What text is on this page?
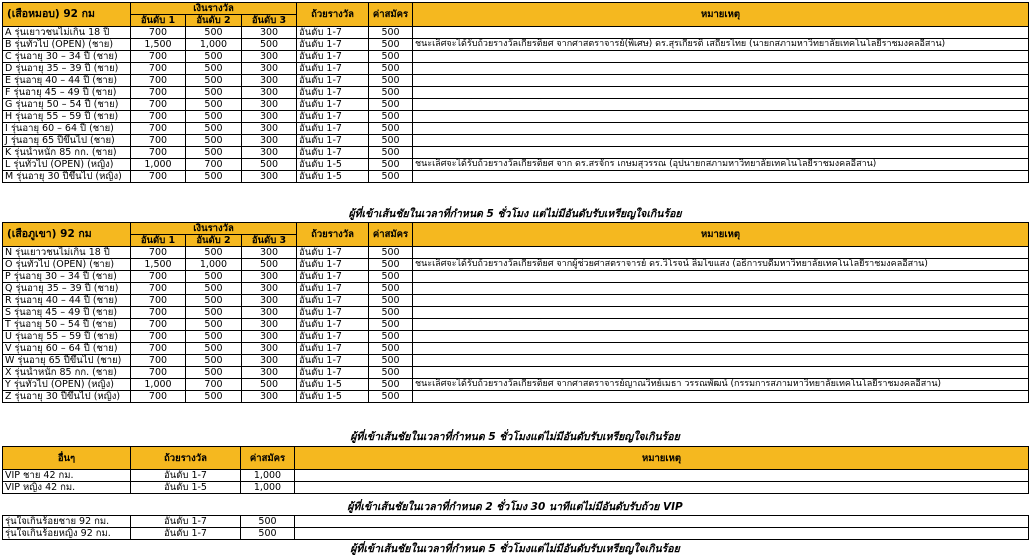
(เสือหมอบ) 92 กม	เงินรางวัล			ถ้วยรางวัล	ค่าสมัคร	หมายเหตุ
	อันดับ 1	อันดับ 2	อันดับ 3			
A รุ่นเยาวชนไม่เกิน 18 ปี	700	500	300	อันดับ 1-7	500	
B รุ่นทั่วไป (OPEN) (ชาย)	1,500	1,000	500	อันดับ 1-7	500	ชนะเลิศจะได้รับถ้วยรางวัลเกียรติยศ จากศาสตราจารย์(พิเศษ) ดร.สุรเกียรติ์ เสถียรไทย (นายกสภามหาวิทยาลัยเทคโนโลยีราชมงคลอีสาน)
C รุ่นอายุ 30 – 34 ปี (ชาย)	700	500	300	อันดับ 1-7	500	
D รุ่นอายุ 35 – 39 ปี (ชาย)	700	500	300	อันดับ 1-7	500	
E รุ่นอายุ 40 – 44 ปี (ชาย)	700	500	300	อันดับ 1-7	500	
F รุ่นอายุ 45 – 49 ปี (ชาย)	700	500	300	อันดับ 1-7	500	
G รุ่นอายุ 50 – 54 ปี (ชาย)	700	500	300	อันดับ 1-7	500	
H รุ่นอายุ 55 – 59 ปี (ชาย)	700	500	300	อันดับ 1-7	500	
I รุ่นอายุ 60 – 64 ปี (ชาย)	700	500	300	อันดับ 1-7	500	
J รุ่นอายุ 65 ปีขึ้นไป (ชาย)	700	500	300	อันดับ 1-7	500	
K รุ่นน้ำหนัก 85 กก. (ชาย)	700	500	300	อันดับ 1-7	500	
L รุ่นทั่วไป (OPEN) (หญิง)	1,000	700	500	อันดับ 1-5	500	ชนะเลิศจะได้รับถ้วยรางวัลเกียรติยศ จาก ดร.สรจักร เกษมสุวรรณ (อุปนายกสภามหาวิทยาลัยเทคโนโลยีราชมงคลอีสาน)
M รุ่นอายุ 30 ปีขึ้นไป (หญิง)	700	500	300	อันดับ 1-5	500	
ผู้ที่เข้าเส้นชัยในเวลาที่กำหนด 5 ชั่วโมง แต่ไม่มีอันดับรับเหรียญใจเกินร้อย
(เสือภูเขา) 92 กม	เงินรางวัล			ถ้วยรางวัล	ค่าสมัคร	หมายเหตุ
	อันดับ 1	อันดับ 2	อันดับ 3			
N รุ่นเยาวชนไม่เกิน 18 ปี	700	500	300	อันดับ 1-7	500	
O รุ่นทั่วไป (OPEN) (ชาย)	1,500	1,000	500	อันดับ 1-7	500	ชนะเลิศจะได้รับถ้วยรางวัลเกียรติยศ จากผู้ช่วยศาสตราจารย์ ดร.วิโรจน์ ลิ้มไขแสง (อธิการบดีมหาวิทยาลัยเทคโนโลยีราชมงคลอีสาน)
P รุ่นอายุ 30 – 34 ปี (ชาย)	700	500	300	อันดับ 1-7	500	
Q รุ่นอายุ 35 – 39 ปี (ชาย)	700	500	300	อันดับ 1-7	500	
R รุ่นอายุ 40 – 44 ปี (ชาย)	700	500	300	อันดับ 1-7	500	
S รุ่นอายุ 45 – 49 ปี (ชาย)	700	500	300	อันดับ 1-7	500	
T รุ่นอายุ 50 – 54 ปี (ชาย)	700	500	300	อันดับ 1-7	500	
U รุ่นอายุ 55 – 59 ปี (ชาย)	700	500	300	อันดับ 1-7	500	
V รุ่นอายุ 60 – 64 ปี (ชาย)	700	500	300	อันดับ 1-7	500	
W รุ่นอายุ 65 ปีขึ้นไป (ชาย)	700	500	300	อันดับ 1-7	500	
X รุ่นน้ำหนัก 85 กก. (ชาย)	700	500	300	อันดับ 1-7	500	
Y รุ่นทั่วไป (OPEN) (หญิง)	1,000	700	500	อันดับ 1-5	500	ชนะเลิศจะได้รับถ้วยรางวัลเกียรติยศ จากศาสตราจารย์ญาณวิทย์เมธา วรรณพัฒน์ (กรรมการสภามหาวิทยาลัยเทคโนโลยีราชมงคลอีสาน)
Z รุ่นอายุ 30 ปีขึ้นไป (หญิง)	700	500	300	อันดับ 1-5	500	
ผู้ที่เข้าเส้นชัยในเวลาที่กำหนด 5 ชั่วโมงแต่ไม่มีอันดับรับเหรียญใจเกินร้อย
อื่นๆ	ถ้วยรางวัล	ค่าสมัคร	หมายเหตุ
VIP ชาย 42 กม.	อันดับ 1-7	1,000	
VIP หญิง 42 กม.	อันดับ 1-5	1,000	
ผู้ที่เข้าเส้นชัยในเวลาที่กำหนด 2 ชั่วโมง 30 นาทีแต่ไม่มีอันดับรับถ้วย VIP
รุ่นใจเกินร้อยชาย 92 กม.	อันดับ 1-7	500	
รุ่นใจเกินร้อยหญิง 92 กม.	อันดับ 1-7	500	
ผู้ที่เข้าเส้นชัยในเวลาที่กำหนด 5 ชั่วโมงแต่ไม่มีอันดับรับเหรียญใจเกินร้อย
